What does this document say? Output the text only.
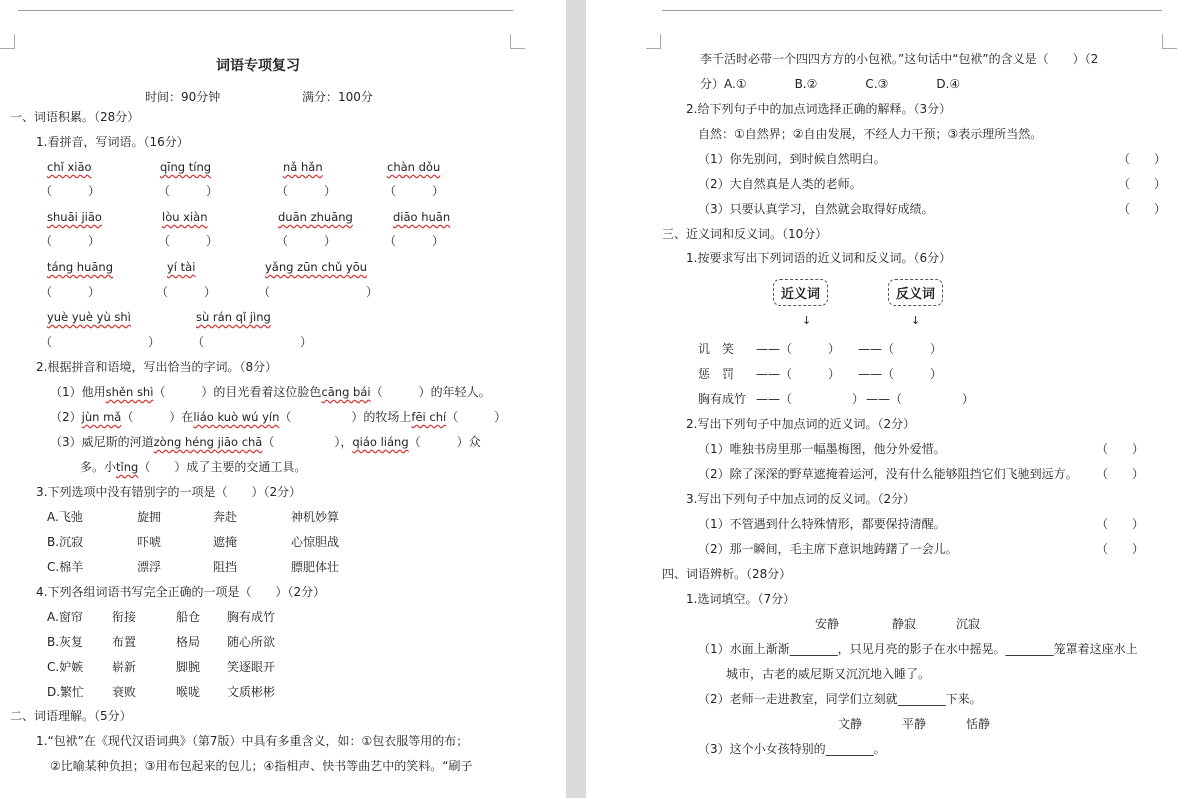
词语专项复习
时间：90分钟	满分：100分
一、词语积累。（28分）
1.看拼音，写词语。（16分）
chǐ xiāo	qīng tíng	nǎ hǎn	chàn dǒu
（　　　）	（　　　）	（　　　）	（　　　）
shuāi jiāo	lòu xiàn	duān zhuāng	diāo huān
（　　　）	（　　　）	（　　　）	（　　　）
táng huāng	yí tài	yǎng zūn chǔ yōu
（　　　）	（　　　）	（　　　　　　　　）
yuè yuè yù shì	sù rán qǐ jìng
（　　　　　　　　）	（　　　　　　　　）
2.根据拼音和语境，写出恰当的字词。（8分）
（1）他用shěn shì（　　　）的目光看着这位脸色cāng bái（　　　）的年轻人。
（2）jùn mǎ（　　　）在liáo kuò wú yín（　　　　　）的牧场上fēi chí（　　　）
（3）威尼斯的河道zòng héng jiāo chā（　　　　　），qiáo liáng（　　　）众
多。小tǐng（　　）成了主要的交通工具。
3.下列选项中没有错别字的一项是（　　）（2分）
A.飞弛	旋拥	奔赴	神机妙算
B.沉寂	吓唬	遮掩	心惊胆战
C.棉羊	漂浮	阻挡	膘肥体壮
4.下列各组词语书写完全正确的一项是（　　）（2分）
A.窗帘 衔接	船仓 胸有成竹
B.灰复 布置	格局 随心所欲
C.妒嫉 崭新	脚腕 笑逐眼开
D.繁忙 衰败	喉咙 文质彬彬
二、词语理解。（5分）
1.“包袱”在《现代汉语词典》（第7版）中具有多重含义，如：①包衣服等用的布；
②比喻某种负担；③用布包起来的包儿；④指相声、快书等曲艺中的笑料。“刷子
李千活时必带一个四四方方的小包袱。”这句话中“包袱”的含义是（　　）（2
分）A.①　　　　B.②　　　　C.③　　　　D.④
2.给下列句子中的加点词选择正确的解释。（3分）
自然：①自然界；②自由发展，不经人力干预；③表示理所当然。
（1）你先别问，到时候自然明白。	（　　）
（2）大自然真是人类的老师。	（　　）
（3）只要认真学习，自然就会取得好成绩。	（　　）
三、近义词和反义词。（10分）
1.按要求写出下列词语的近义词和反义词。（6分）
近义词	反义词
↓	↓
讥　笑 ——（　　　） ——（　　　）
惩　罚 ——（　　　） ——（　　　）
胸有成竹 ——（　　　　　） ——（　　　　　）
2.写出下列句子中加点词的近义词。（2分）
（1）唯独书房里那一幅墨梅图，他分外爱惜。	（　　）
（2）除了深深的野草遮掩着运河，没有什么能够阻挡它们飞驰到远方。 （　　）
3.写出下列句子中加点词的反义词。（2分）
（1）不管遇到什么特殊情形，都要保持清醒。	（　　）
（2）那一瞬间，毛主席下意识地踌躇了一会儿。	（　　）
四、词语辨析。（28分）
1.选词填空。（7分）
安静	静寂	沉寂
（1）水面上渐渐________，只见月亮的影子在水中摇晃。________笼罩着这座水上
城市，古老的威尼斯又沉沉地入睡了。
（2）老师一走进教室，同学们立刻就________下来。
文静	平静	恬静
（3）这个小女孩特别的________。
